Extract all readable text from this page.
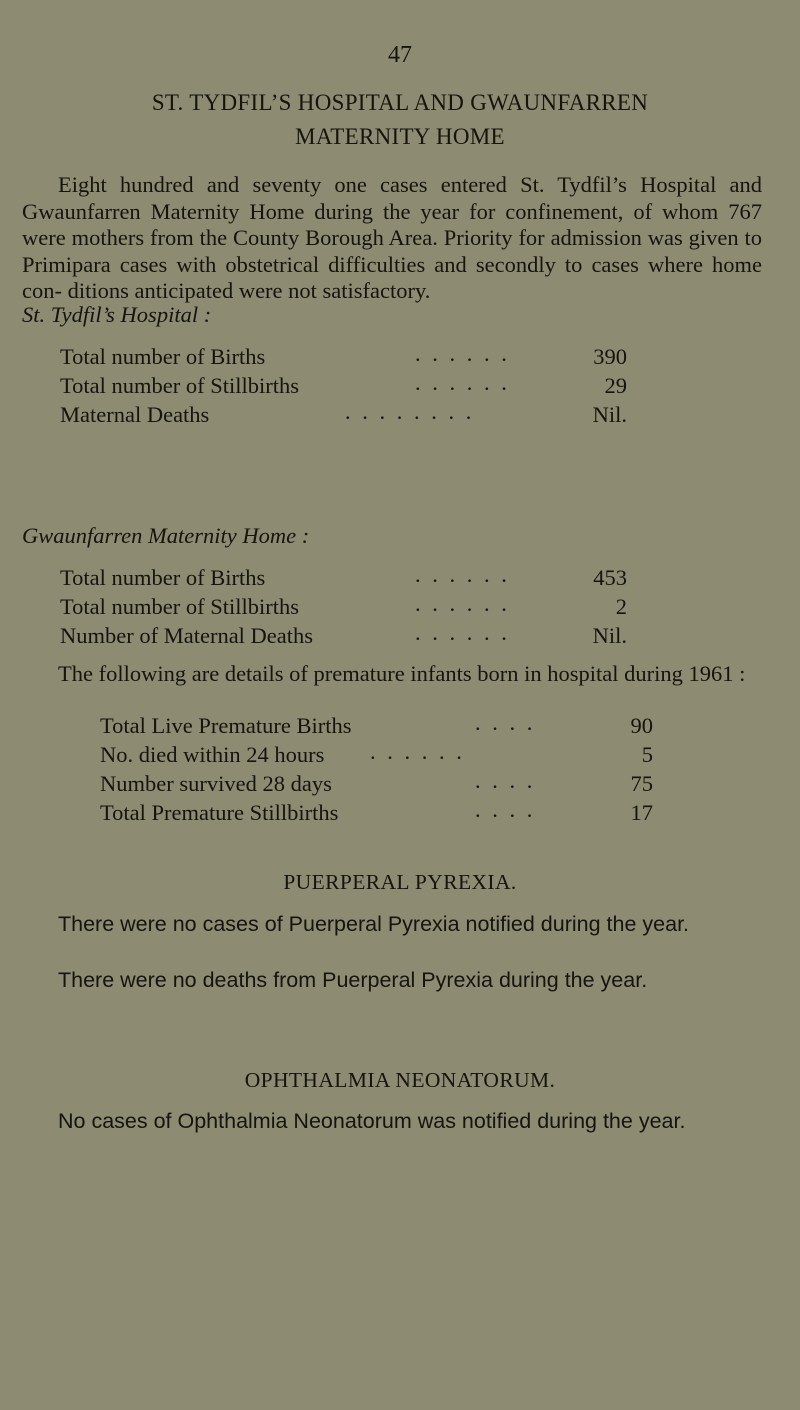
47
ST. TYDFIL’S HOSPITAL AND GWAUNFARREN
MATERNITY HOME

Eight hundred and seventy one cases entered St. Tydfil’s Hospital and Gwaunfarren Maternity Home during the year for confinement, of whom 767 were mothers from the County Borough Area. Priority for admission was given to Primipara cases with obstetrical difficulties and secondly to cases where home con- ditions anticipated were not satisfactory.

St. Tydfil’s Hospital :
Total number of Births	. . . . . .	390
Total number of Stillbirths	. . . . . .	29
Maternal Deaths	. . . . . . . .	Nil.
Gwaunfarren Maternity Home :
Total number of Births	. . . . . .	453
Total number of Stillbirths	. . . . . .	2
Number of Maternal Deaths	. . . . . .	Nil.

The following are details of premature infants born in hospital during 1961 :

Total Live Premature Births	. . . .	90
No. died within 24 hours . . . . . .	5
Number survived 28 days	. . . .	75
Total Premature Stillbirths	. . . .	17
PUERPERAL PYREXIA.

There were no cases of Puerperal Pyrexia notified during the year.

There were no deaths from Puerperal Pyrexia during the year.

OPHTHALMIA NEONATORUM.

No cases of Ophthalmia Neonatorum was notified during the year.
